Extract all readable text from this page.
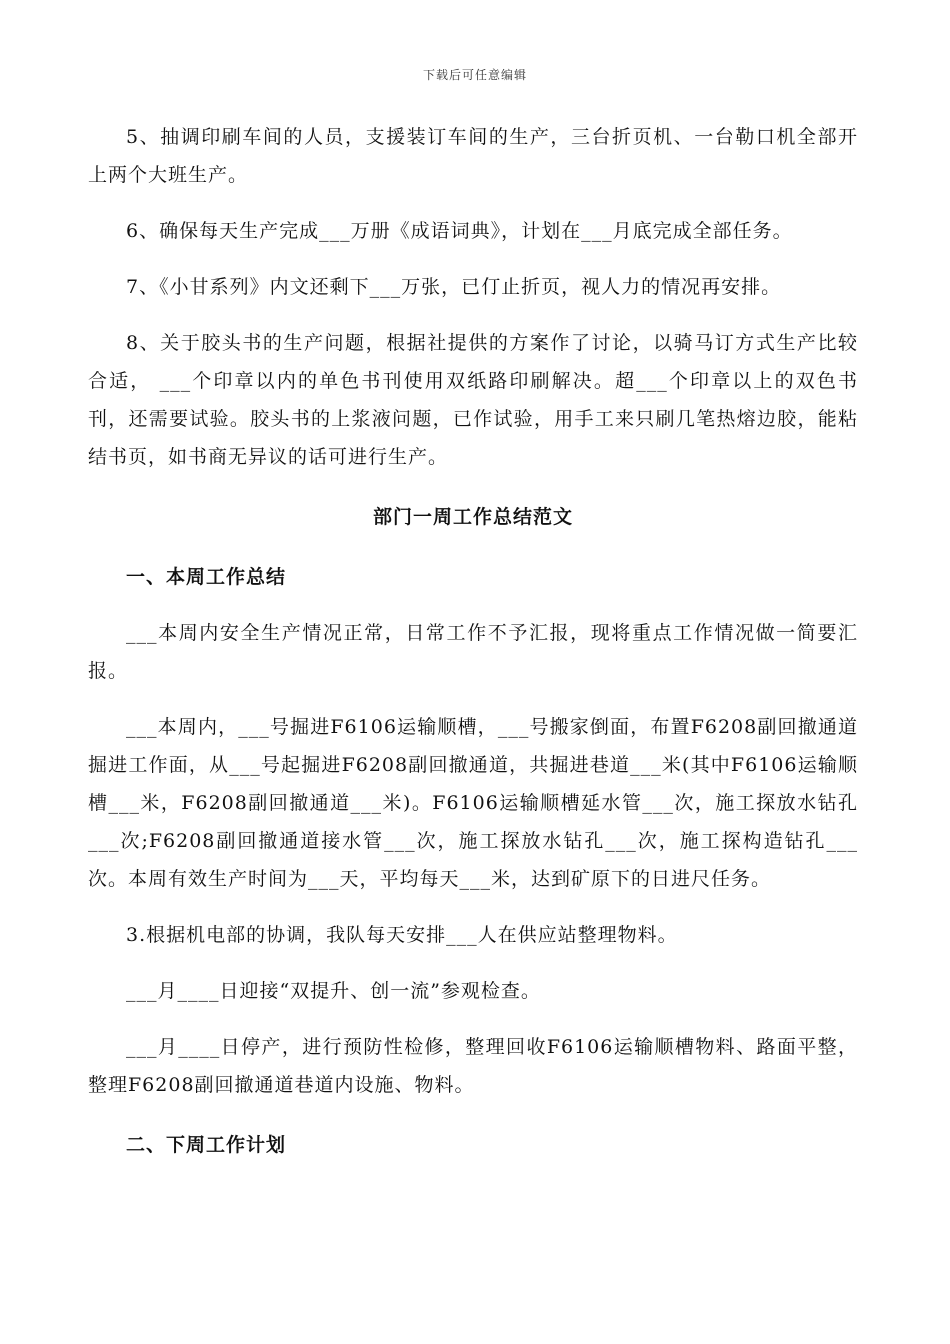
下载后可任意编辑

5、抽调印刷车间的人员，支援装订车间的生产，三台折页机、一台勒口机全部开上两个大班生产。

6、确保每天生产完成___万册《成语词典》，计划在___月底完成全部任务。

7、《小甘系列》内文还剩下___万张，已仃止折页，视人力的情况再安排。

8、关于胶头书的生产问题，根据社提供的方案作了讨论，以骑马订方式生产比较合适， ___个印章以内的单色书刊使用双纸路印刷解决。超___个印章以上的双色书刊，还需要试验。胶头书的上浆液问题，已作试验，用手工来只刷几笔热熔边胶，能粘结书页，如书商无异议的话可进行生产。

部门一周工作总结范文

一、本周工作总结

___本周内安全生产情况正常，日常工作不予汇报，现将重点工作情况做一简要汇报。

___本周内，___号掘进F6106运输顺槽，___号搬家倒面，布置F6208副回撤通道掘进工作面，从___号起掘进F6208副回撤通道，共掘进巷道___米(其中F6106运输顺槽___米，F6208副回撤通道___米)。F6106运输顺槽延水管___次，施工探放水钻孔___次;F6208副回撤通道接水管___次，施工探放水钻孔___次，施工探构造钻孔___次。本周有效生产时间为___天，平均每天___米，达到矿原下的日进尺任务。

3.根据机电部的协调，我队每天安排___人在供应站整理物料。

___月____日迎接“双提升、创一流”参观检查。

___月____日停产，进行预防性检修，整理回收F6106运输顺槽物料、路面平整，整理F6208副回撤通道巷道内设施、物料。

二、下周工作计划
